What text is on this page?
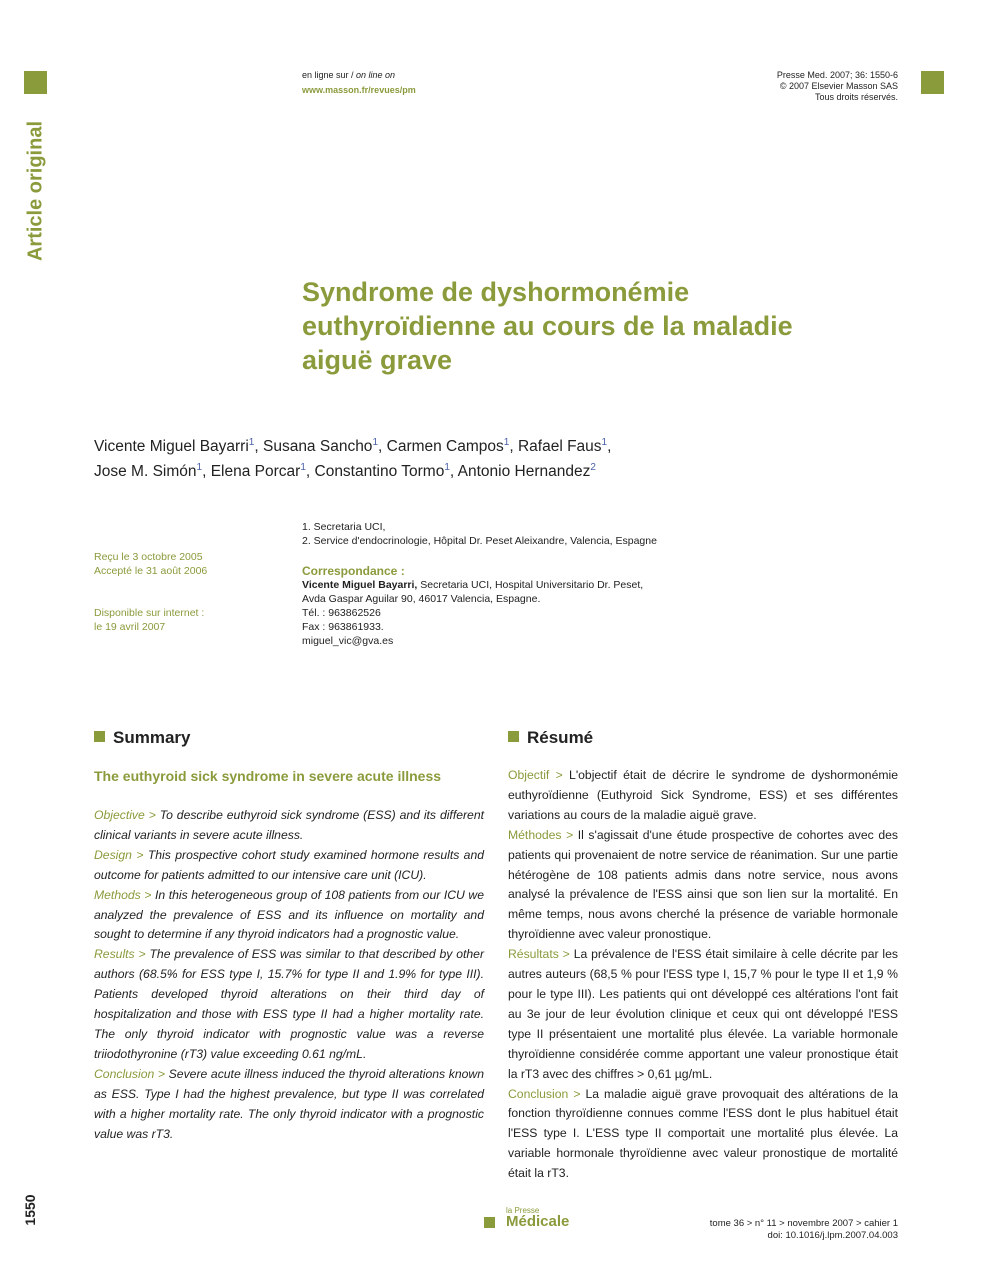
Article original
en ligne sur / on line on
www.masson.fr/revues/pm
Presse Med. 2007; 36: 1550-6
© 2007 Elsevier Masson SAS
Tous droits réservés.
Syndrome de dyshormonémie
euthyroïdienne au cours de la maladie
aiguë grave
Vicente Miguel Bayarri$^1$, Susana Sancho$^1$, Carmen Campos$^1$, Rafael Faus$^1$,
Jose M. Simón$^1$, Elena Porcar$^1$, Constantino Tormo$^1$, Antonio Hernandez$^2$
1. Secretaria UCI,
2. Service d'endocrinologie, Hôpital Dr. Peset Aleixandre, Valencia, Espagne
Reçu le 3 octobre 2005
Accepté le 31 août 2006
Disponible sur internet :
le 19 avril 2007
Correspondance :
Vicente Miguel Bayarri, Secretaria UCI, Hospital Universitario Dr. Peset,
Avda Gaspar Aguilar 90, 46017 Valencia, Espagne.
Tél. : 963862526
Fax : 963861933.
miguel_vic@gva.es
Summary	Résumé
The euthyroid sick syndrome in severe acute illness

Objective > To describe euthyroid sick syndrome (ESS) and its different clinical variants in severe acute illness.

Design > This prospective cohort study examined hormone results and outcome for patients admitted to our intensive care unit (ICU).

Methods > In this heterogeneous group of 108 patients from our ICU we analyzed the prevalence of ESS and its influence on mortality and sought to determine if any thyroid indicators had a prognostic value.

Results > The prevalence of ESS was similar to that described by other authors (68.5% for ESS type I, 15.7% for type II and 1.9% for type III). Patients developed thyroid alterations on their third day of hospitalization and those with ESS type II had a higher mortality rate. The only thyroid indicator with prognostic value was a reverse triiodothyronine (rT3) value exceeding 0.61 ng/mL.

Conclusion > Severe acute illness induced the thyroid alterations known as ESS. Type I had the highest prevalence, but type II was correlated with a higher mortality rate. The only thyroid indicator with a prognostic value was rT3.

Objectif > L'objectif était de décrire le syndrome de dyshormonémie euthyroïdienne (Euthyroid Sick Syndrome, ESS) et ses différentes variations au cours de la maladie aiguë grave.

Méthodes > Il s'agissait d'une étude prospective de cohortes avec des patients qui provenaient de notre service de réanimation. Sur une partie hétérogène de 108 patients admis dans notre service, nous avons analysé la prévalence de l'ESS ainsi que son lien sur la mortalité. En même temps, nous avons cherché la présence de variable hormonale thyroïdienne avec valeur pronostique.

Résultats > La prévalence de l'ESS était similaire à celle décrite par les autres auteurs (68,5 % pour l'ESS type I, 15,7 % pour le type II et 1,9 % pour le type III). Les patients qui ont développé ces altérations l'ont fait au 3e jour de leur évolution clinique et ceux qui ont développé l'ESS type II présentaient une mortalité plus élevée. La variable hormonale thyroïdienne considérée comme apportant une valeur pronostique était la rT3 avec des chiffres > 0,61 µg/mL.

Conclusion > La maladie aiguë grave provoquait des altérations de la fonction thyroïdienne connues comme l'ESS dont le plus habituel était l'ESS type I. L'ESS type II comportait une mortalité plus élevée. La variable hormonale thyroïdienne avec valeur pronostique de mortalité était la rT3.

1550	la Presse
Médicale	tome 36 > n° 11 > novembre 2007 > cahier 1
doi: 10.1016/j.lpm.2007.04.003
